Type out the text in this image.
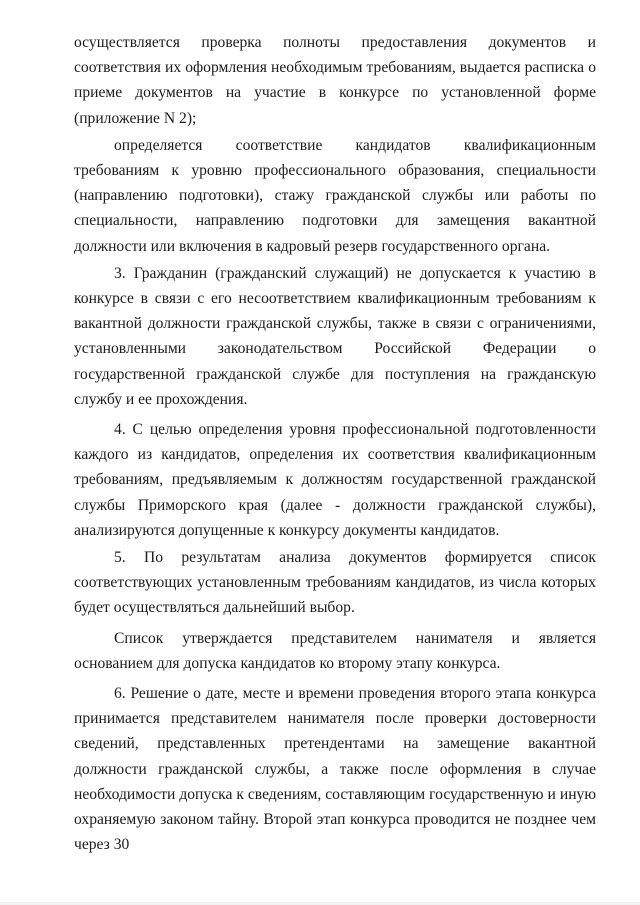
осуществляется проверка полноты предоставления документов и соответствия их оформления необходимым требованиям, выдается расписка о приеме документов на участие в конкурсе по установленной форме (приложение N 2);

определяется соответствие кандидатов квалификационным требованиям к уровню профессионального образования, специальности (направлению подготовки), стажу гражданской службы или работы по специальности, направлению подготовки для замещения вакантной должности или включения в кадровый резерв государственного органа.

3. Гражданин (гражданский служащий) не допускается к участию в конкурсе в связи с его несоответствием квалификационным требованиям к вакантной должности гражданской службы, также в связи с ограничениями, установленными законодательством Российской Федерации о государственной гражданской службе для поступления на гражданскую службу и ее прохождения.

4. С целью определения уровня профессиональной подготовленности каждого из кандидатов, определения их соответствия квалификационным требованиям, предъявляемым к должностям государственной гражданской службы Приморского края (далее - должности гражданской службы), анализируются допущенные к конкурсу документы кандидатов.

5. По результатам анализа документов формируется список соответствующих установленным требованиям кандидатов, из числа которых будет осуществляться дальнейший выбор.

Список утверждается представителем нанимателя и является основанием для допуска кандидатов ко второму этапу конкурса.

6. Решение о дате, месте и времени проведения второго этапа конкурса принимается представителем нанимателя после проверки достоверности сведений, представленных претендентами на замещение вакантной должности гражданской службы, а также после оформления в случае необходимости допуска к сведениям, составляющим государственную и иную охраняемую законом тайну. Второй этап конкурса проводится не позднее чем через 30
